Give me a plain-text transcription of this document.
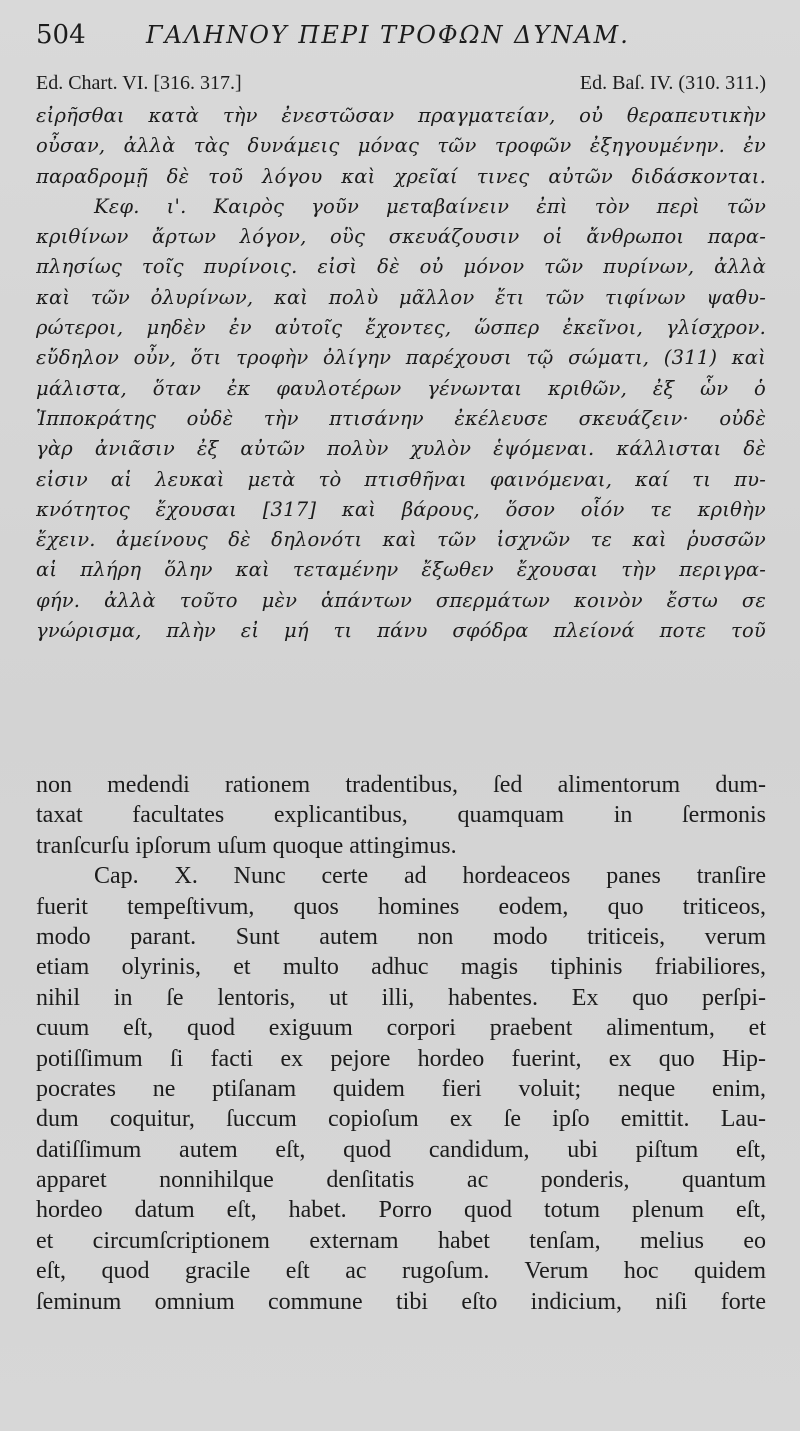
504	ΓΑΛΗΝΟΥ ΠΕΡΙ ΤΡΟΦΩΝ ΔΥΝΑΜ.
Ed. Chart. VI. [316. 317.]	Ed. Baſ. IV. (310. 311.)
εἰρῆσθαι κατὰ τὴν ἐνεστῶσαν πραγματείαν, οὐ θεραπευτικὴν
οὖσαν, ἀλλὰ τὰς δυνάμεις μόνας τῶν τροφῶν ἐξηγουμένην. ἐν
παραδρομῇ δὲ τοῦ λόγου καὶ χρεῖαί τινες αὐτῶν διδάσκονται.
Κεφ. ι'. Καιρὸς γοῦν μεταβαίνειν ἐπὶ τὸν περὶ τῶν
κριθίνων ἄρτων λόγον, οὓς σκευάζουσιν οἱ ἄνθρωποι παρα-
πλησίως τοῖς πυρίνοις. εἰσὶ δὲ οὐ μόνον τῶν πυρίνων, ἀλλὰ
καὶ τῶν ὀλυρίνων, καὶ πολὺ μᾶλλον ἔτι τῶν τιφίνων ψαθυ-
ρώτεροι, μηδὲν ἐν αὐτοῖς ἔχοντες, ὥσπερ ἐκεῖνοι, γλίσχρον.
εὔδηλον οὖν, ὅτι τροφὴν ὀλίγην παρέχουσι τῷ σώματι, (311) καὶ
μάλιστα, ὅταν ἐκ φαυλοτέρων γένωνται κριθῶν, ἐξ ὧν ὁ
Ἱπποκράτης οὐδὲ τὴν πτισάνην ἐκέλευσε σκευάζειν· οὐδὲ
γὰρ ἀνιᾶσιν ἐξ αὐτῶν πολὺν χυλὸν ἑψόμεναι. κάλλισται δὲ
εἰσιν αἱ λευκαὶ μετὰ τὸ πτισθῆναι φαινόμεναι, καί τι πυ-
κνότητος ἔχουσαι [317] καὶ βάρους, ὅσον οἷόν τε κριθὴν
ἔχειν. ἀμείνους δὲ δηλονότι καὶ τῶν ἰσχνῶν τε καὶ ῥυσσῶν
αἱ πλήρη ὅλην καὶ τεταμένην ἔξωθεν ἔχουσαι τὴν περιγρα-
φήν. ἀλλὰ τοῦτο μὲν ἁπάντων σπερμάτων κοινὸν ἔστω σε
γνώρισμα, πλὴν εἰ μή τι πάνυ σφόδρα πλείονά ποτε τοῦ
non medendi rationem tradentibus, ſed alimentorum dum-
taxat facultates explicantibus, quamquam in ſermonis
tranſcurſu ipſorum uſum quoque attingimus.
Cap. X. Nunc certe ad hordeaceos panes tranſire
fuerit tempeſtivum, quos homines eodem, quo triticeos,
modo parant. Sunt autem non modo triticeis, verum
etiam olyrinis, et multo adhuc magis tiphinis friabiliores,
nihil in ſe lentoris, ut illi, habentes. Ex quo perſpi-
cuum eſt, quod exiguum corpori praebent alimentum, et
potiſſimum ſi facti ex pejore hordeo fuerint, ex quo Hip-
pocrates ne ptiſanam quidem fieri voluit; neque enim,
dum coquitur, ſuccum copioſum ex ſe ipſo emittit. Lau-
datiſſimum autem eſt, quod candidum, ubi piſtum eſt,
apparet nonnihilque denſitatis ac ponderis, quantum
hordeo datum eſt, habet. Porro quod totum plenum eſt,
et circumſcriptionem externam habet tenſam, melius eo
eſt, quod gracile eſt ac rugoſum. Verum hoc quidem
ſeminum omnium commune tibi eſto indicium, niſi forte
